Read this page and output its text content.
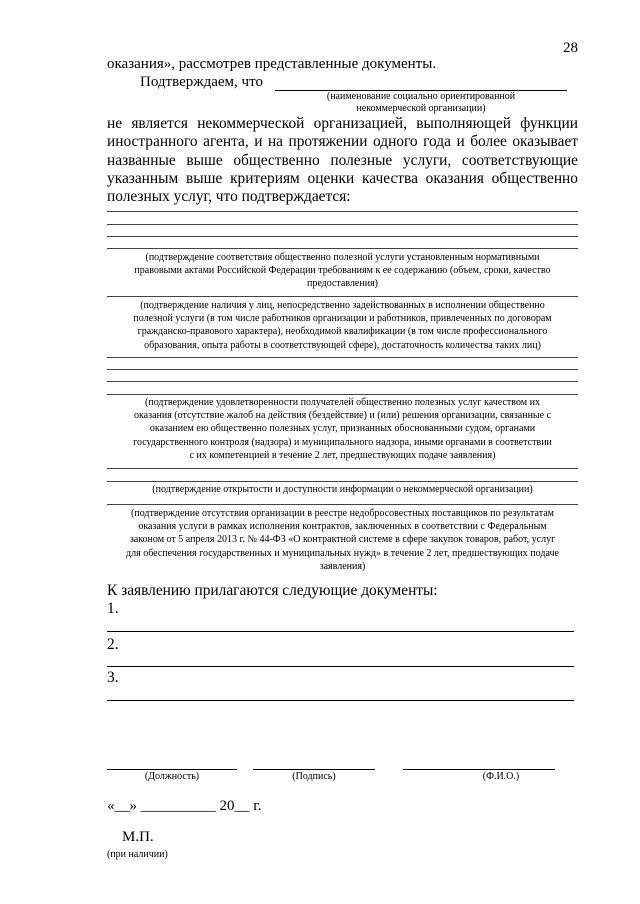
28
оказания», рассмотрев представленные документы.
Подтверждаем, что
(наименование социально ориентированной
некоммерческой организации)
не является некоммерческой организацией, выполняющей функции
иностранного агента, и на протяжении одного года и более оказывает
названные выше общественно полезные услуги, соответствующие
указанным выше критериям оценки качества оказания общественно
полезных услуг, что подтверждается:
(подтверждение соответствия общественно полезной услуги установленным нормативными
правовыми актами Российской Федерации требованиям к ее содержанию (объем, сроки, качество
предоставления)
(подтверждение наличия у лиц, непосредственно задействованных в исполнении общественно
полезной услуги (в том числе работников организации и работников, привлеченных по договорам
гражданско-правового характера), необходимой квалификации (в том числе профессионального
образования, опыта работы в соответствующей сфере), достаточность количества таких лиц)
(подтверждение удовлетворенности получателей общественно полезных услуг качеством их
оказания (отсутствие жалоб на действия (бездействие) и (или) решения организации, связанные с
оказанием ею общественно полезных услуг, признанных обоснованными судом, органами
государственного контроля (надзора) и муниципального надзора, иными органами в соответствии
с их компетенцией в течение 2 лет, предшествующих подаче заявления)
(подтверждение открытости и доступности информации о некоммерческой организации)
(подтверждение отсутствия организации в реестре недобросовестных поставщиков по результатам
оказания услуги в рамках исполнения контрактов, заключенных в соответствии с Федеральным
законом от 5 апреля 2013 г. № 44-ФЗ «О контрактной системе в сфере закупок товаров, работ, услуг
для обеспечения государственных и муниципальных нужд» в течение 2 лет, предшествующих подаче
заявления)
К заявлению прилагаются следующие документы:
1.
2.
3.
(Должность)	(Подпись)	(Ф.И.О.)
«__» __________ 20__ г.
М.П.
(при наличии)
